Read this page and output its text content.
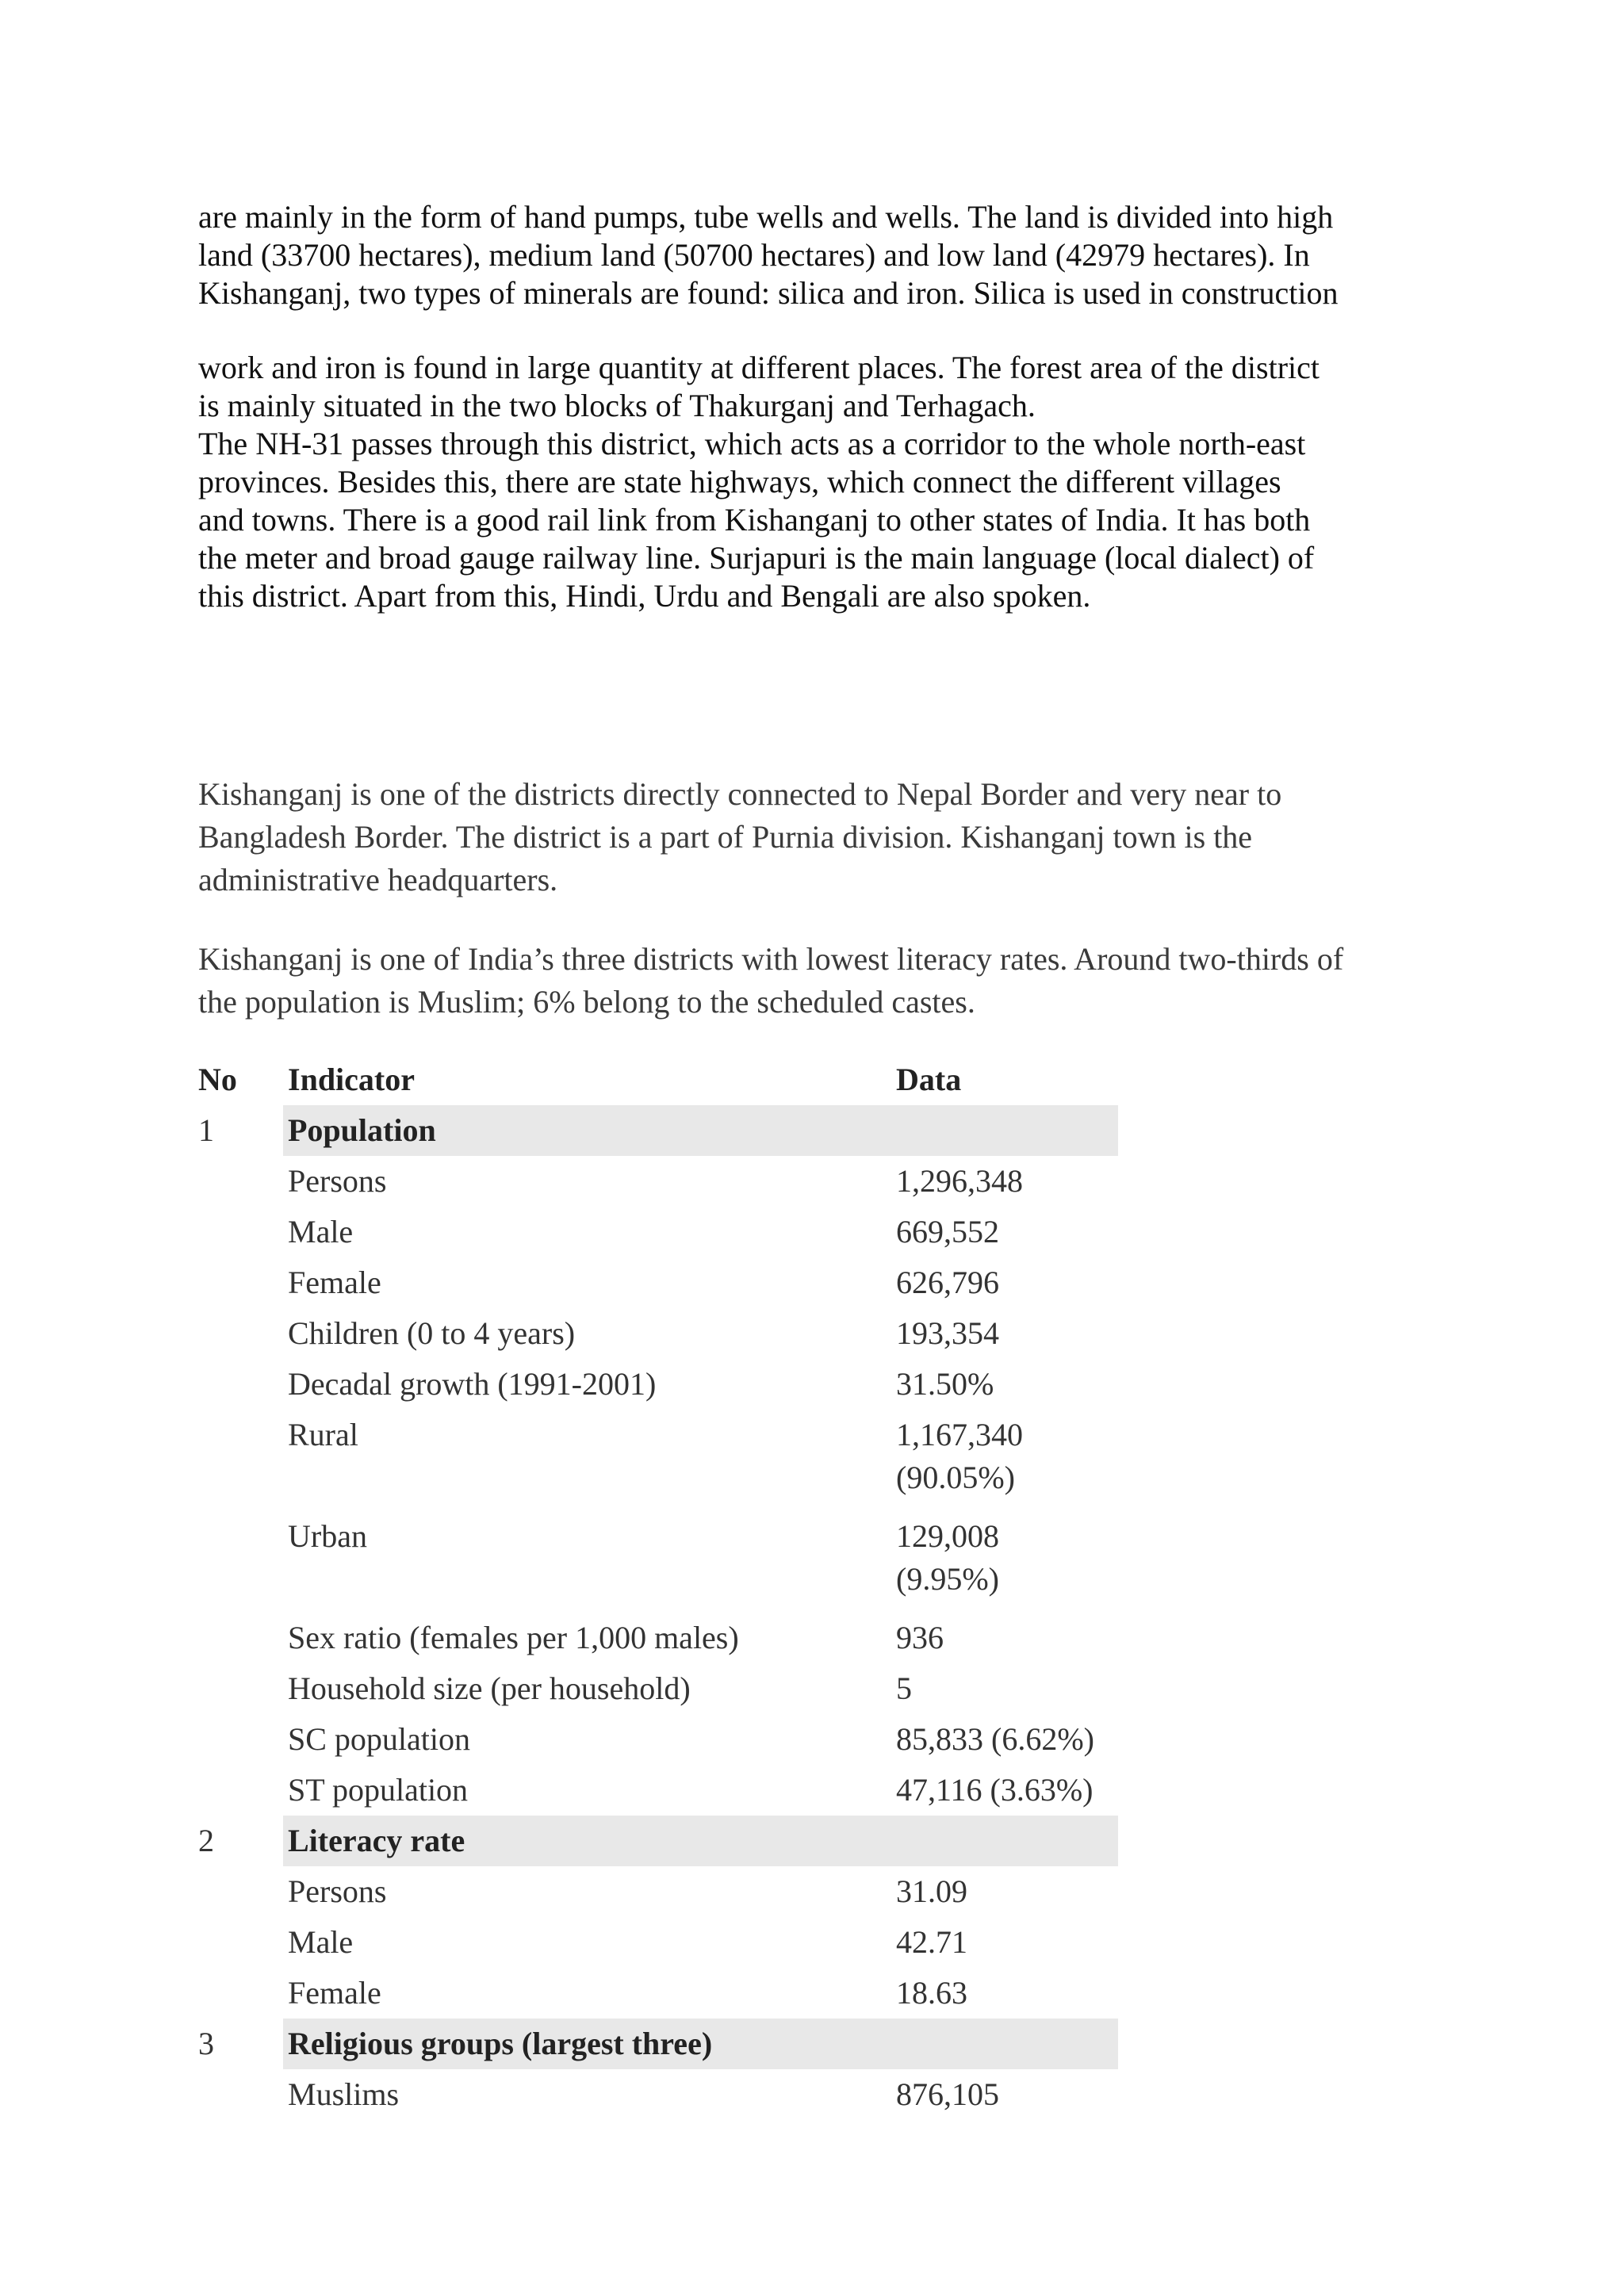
are mainly in the form of hand pumps, tube wells and wells. The land is divided into high
land (33700 hectares), medium land (50700 hectares) and low land (42979 hectares). In
Kishanganj, two types of minerals are found: silica and iron. Silica is used in construction
work and iron is found in large quantity at different places. The forest area of the district
is mainly situated in the two blocks of Thakurganj and Terhagach.
The NH-31 passes through this district, which acts as a corridor to the whole north-east
provinces. Besides this, there are state highways, which connect the different villages
and towns. There is a good rail link from Kishanganj to other states of India. It has both
the meter and broad gauge railway line. Surjapuri is the main language (local dialect) of
this district. Apart from this, Hindi, Urdu and Bengali are also spoken.
Kishanganj is one of the districts directly connected to Nepal Border and very near to
Bangladesh Border. The district is a part of Purnia division. Kishanganj town is the
administrative headquarters.
Kishanganj is one of India’s three districts with lowest literacy rates. Around two-thirds of
the population is Muslim; 6% belong to the scheduled castes.
No	Indicator	Data
1	Population
Persons	1,296,348
Male	669,552
Female	626,796
Children (0 to 4 years)	193,354
Decadal growth (1991-2001)	31.50%
Rural	1,167,340
(90.05%)
Urban	129,008
(9.95%)
Sex ratio (females per 1,000 males)	936
Household size (per household)	5
SC population	85,833 (6.62%)
ST population	47,116 (3.63%)
2	Literacy rate
Persons	31.09
Male	42.71
Female	18.63
3	Religious groups (largest three)
Muslims	876,105
